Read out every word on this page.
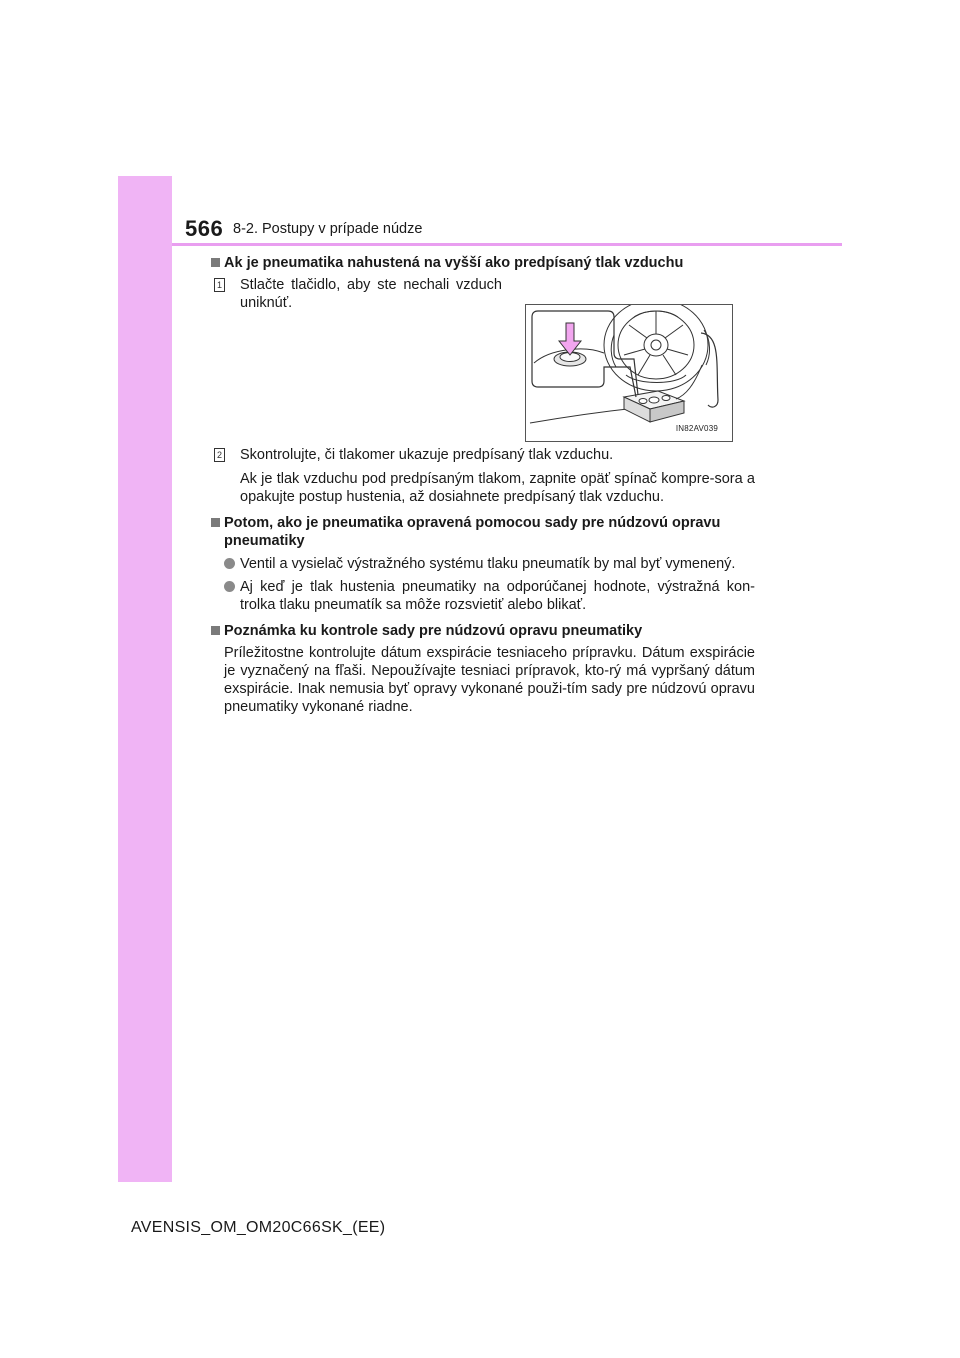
566 8-2. Postupy v prípade núdze
Ak je pneumatika nahustená na vyšší ako predpísaný tlak vzduchu
1	Stlačte tlačidlo, aby ste nechali vzduch uniknúť.
IN82AV039
2	Skontrolujte, či tlakomer ukazuje predpísaný tlak vzduchu.
Ak je tlak vzduchu pod predpísaným tlakom, zapnite opäť spínač kompre-sora a opakujte postup hustenia, až dosiahnete predpísaný tlak vzduchu.
Potom, ako je pneumatika opravená pomocou sady pre núdzovú opravu pneumatiky
Ventil a vysielač výstražného systému tlaku pneumatík by mal byť vymenený.
Aj keď je tlak hustenia pneumatiky na odporúčanej hodnote, výstražná kon-trolka tlaku pneumatík sa môže rozsvietiť alebo blikať.
Poznámka ku kontrole sady pre núdzovú opravu pneumatiky
Príležitostne kontrolujte dátum exspirácie tesniaceho prípravku. Dátum exspirácie je vyznačený na fľaši. Nepoužívajte tesniaci prípravok, kto-rý má vypršaný dátum exspirácie. Inak nemusia byť opravy vykonané použi-tím sady pre núdzovú opravu pneumatiky vykonané riadne.
AVENSIS_OM_OM20C66SK_(EE)
